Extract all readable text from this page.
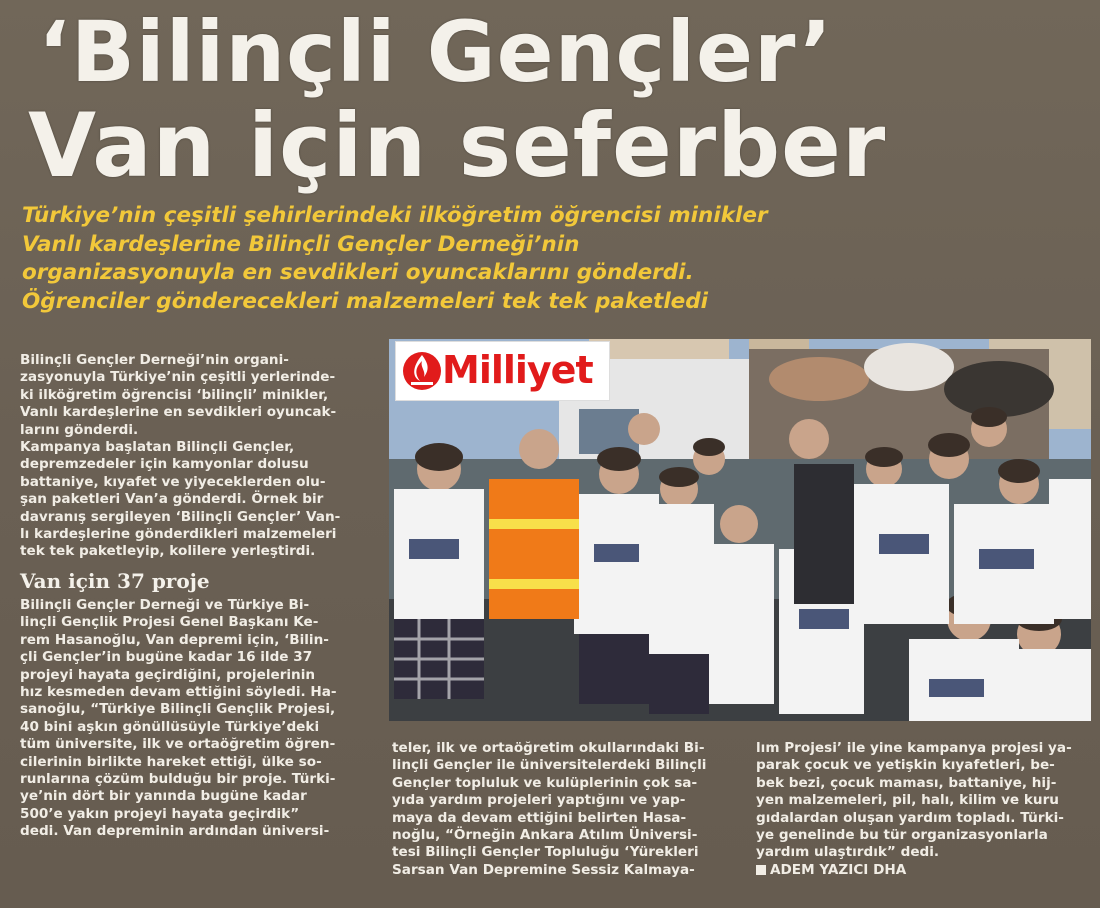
‘Bilinçli Gençler’
Van için seferber
Türkiye’nin çeşitli şehirlerindeki ilköğretim öğrencisi minikler
Vanlı kardeşlerine Bilinçli Gençler Derneği’nin
organizasyonuyla en sevdikleri oyuncaklarını gönderdi.
Öğrenciler gönderecekleri malzemeleri tek tek paketledi
Bilinçli Gençler Derneği’nin organi-
zasyonuyla Türkiye’nin çeşitli yerlerinde-
ki ilköğretim öğrencisi ‘bilinçli’ minikler,
Vanlı kardeşlerine en sevdikleri oyuncak-
larını gönderdi.
Kampanya başlatan Bilinçli Gençler,
depremzedeler için kamyonlar dolusu
battaniye, kıyafet ve yiyeceklerden olu-
şan paketleri Van’a gönderdi. Örnek bir
davranış sergileyen ‘Bilinçli Gençler’ Van-
lı kardeşlerine gönderdikleri malzemeleri
tek tek paketleyip, kolilere yerleştirdi.
Van için 37 proje
Bilinçli Gençler Derneği ve Türkiye Bi-
linçli Gençlik Projesi Genel Başkanı Ke-
rem Hasanoğlu, Van depremi için, ‘Bilin-
çli Gençler’in bugüne kadar 16 ilde 37
projeyi hayata geçirdiğini, projelerinin
hız kesmeden devam ettiğini söyledi. Ha-
sanoğlu, “Türkiye Bilinçli Gençlik Projesi,
40 bini aşkın gönüllüsüyle Türkiye’deki
tüm üniversite, ilk ve ortaöğretim öğren-
cilerinin birlikte hareket ettiği, ülke so-
runlarına çözüm bulduğu bir proje. Türki-
ye’nin dört bir yanında bugüne kadar
500’e yakın projeyi hayata geçirdik”
dedi. Van depreminin ardından üniversi-
Milliyet
teler, ilk ve ortaöğretim okullarındaki Bi-
linçli Gençler ile üniversitelerdeki Bilinçli
Gençler topluluk ve kulüplerinin çok sa-
yıda yardım projeleri yaptığını ve yap-
maya da devam ettiğini belirten Hasa-
noğlu, “Örneğin Ankara Atılım Üniversi-
tesi Bilinçli Gençler Topluluğu ‘Yürekleri
Sarsan Van Depremine Sessiz Kalmaya-
lım Projesi’ ile yine kampanya projesi ya-
parak çocuk ve yetişkin kıyafetleri, be-
bek bezi, çocuk maması, battaniye, hij-
yen malzemeleri, pil, halı, kilim ve kuru
gıdalardan oluşan yardım topladı. Türki-
ye genelinde bu tür organizasyonlarla
yardım ulaştırdık” dedi.
ADEM YAZICI DHA
